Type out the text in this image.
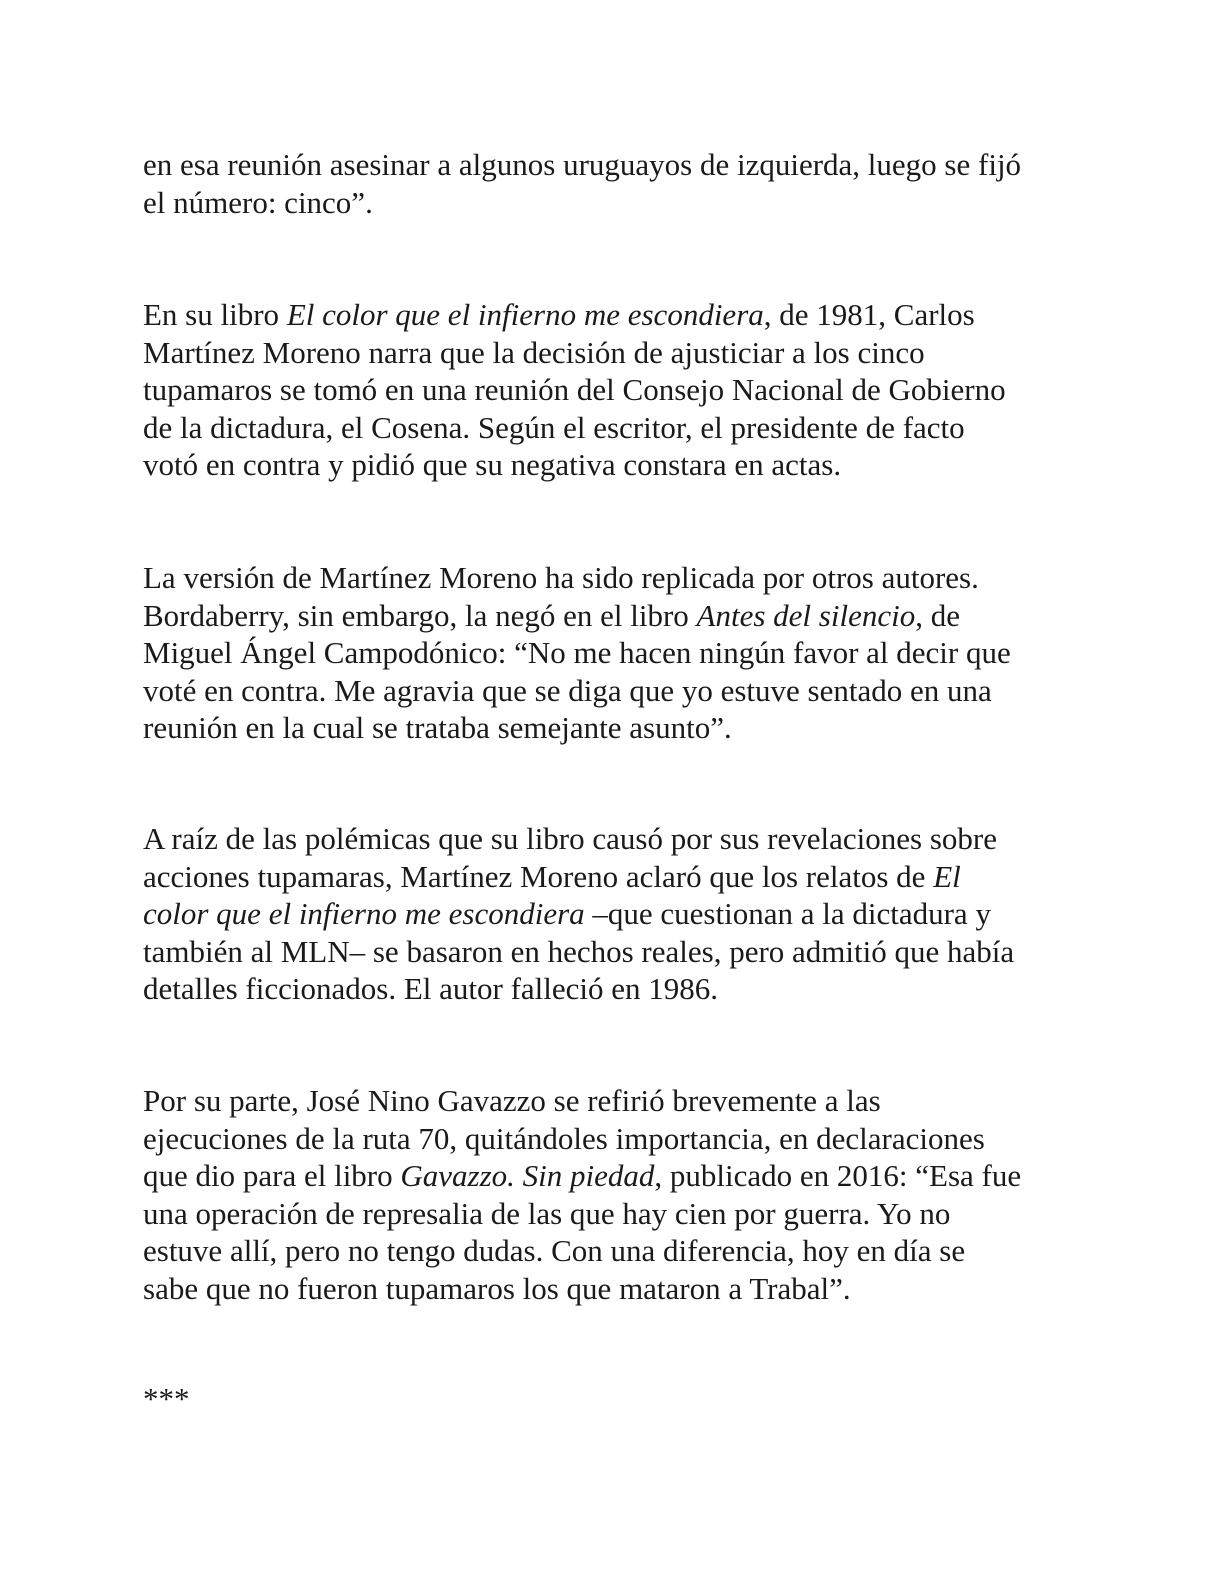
en esa reunión asesinar a algunos uruguayos de izquierda, luego se fijó
el número: cinco”.

En su libro El color que el infierno me escondiera, de 1981, Carlos
Martínez Moreno narra que la decisión de ajusticiar a los cinco
tupamaros se tomó en una reunión del Consejo Nacional de Gobierno
de la dictadura, el Cosena. Según el escritor, el presidente de facto
votó en contra y pidió que su negativa constara en actas.

La versión de Martínez Moreno ha sido replicada por otros autores.
Bordaberry, sin embargo, la negó en el libro Antes del silencio, de
Miguel Ángel Campodónico: “No me hacen ningún favor al decir que
voté en contra. Me agravia que se diga que yo estuve sentado en una
reunión en la cual se trataba semejante asunto”.

A raíz de las polémicas que su libro causó por sus revelaciones sobre
acciones tupamaras, Martínez Moreno aclaró que los relatos de El
color que el infierno me escondiera –que cuestionan a la dictadura y
también al MLN– se basaron en hechos reales, pero admitió que había
detalles ficcionados. El autor falleció en 1986.

Por su parte, José Nino Gavazzo se refirió brevemente a las
ejecuciones de la ruta 70, quitándoles importancia, en declaraciones
que dio para el libro Gavazzo. Sin piedad, publicado en 2016: “Esa fue
una operación de represalia de las que hay cien por guerra. Yo no
estuve allí, pero no tengo dudas. Con una diferencia, hoy en día se
sabe que no fueron tupamaros los que mataron a Trabal”.

***
